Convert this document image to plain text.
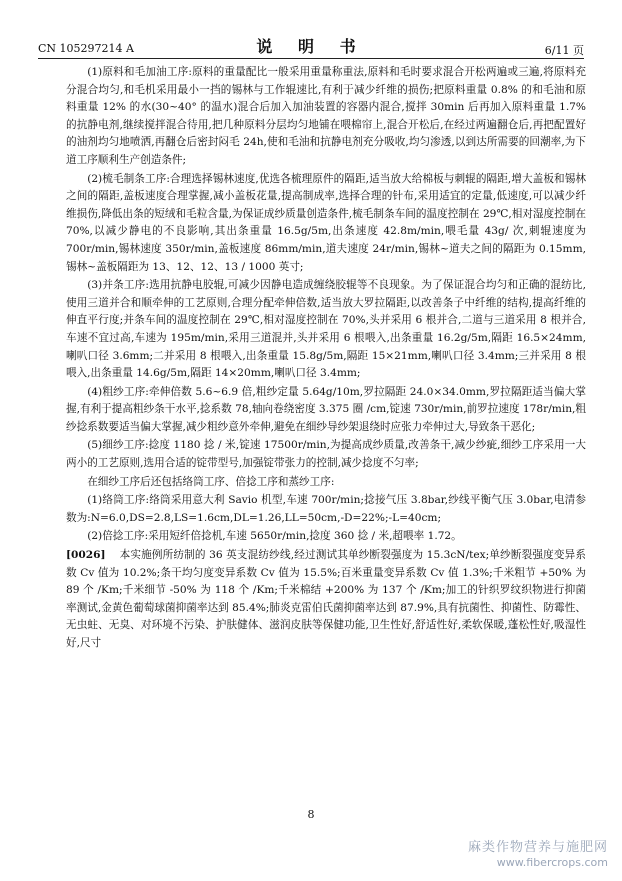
CN 105297214 A	说 明 书	6/11 页

(1)原料和毛加油工序:原料的重量配比一般采用重量称重法,原料和毛时要求混合开松两遍或三遍,将原料充分混合均匀,和毛机采用最小一挡的锡林与工作辊速比,有利于减少纤维的损伤;把原料重量 0.8% 的和毛油和原料重量 12% 的水(30~40° 的温水)混合后加入加油装置的容器内混合,搅拌 30min 后再加入原料重量 1.7% 的抗静电剂,继续搅拌混合待用,把几种原料分层均匀地铺在喂棉帘上,混合开松后,在经过两遍翻仓后,再把配置好的油剂均匀地喷洒,再翻仓后密封闷毛 24h,使和毛油和抗静电剂充分吸收,均匀渗透,以到达所需要的回潮率,为下道工序顺利生产创造条件;

(2)梳毛制条工序:合理选择锡林速度,优选各梳理原件的隔距,适当放大给棉板与刺辊的隔距,增大盖板和锡林之间的隔距,盖板速度合理掌握,减小盖板花量,提高制成率,选择合理的针布,采用适宜的定量,低速度,可以减少纤维损伤,降低出条的短绒和毛粒含量,为保证成纱质量创造条件,梳毛制条车间的温度控制在 29℃,相对湿度控制在 70%,以减少静电的不良影响,其出条重量 16.5g/5m,出条速度 42.8m/min,喂毛量 43g/ 次,刺辊速度为 700r/min,锡林速度 350r/min,盖板速度 86mm/min,道夫速度 24r/min,锡林~道夫之间的隔距为 0.15mm,锡林~盖板隔距为 13、12、12、13 / 1000 英寸;

(3)并条工序:选用抗静电胶辊,可减少因静电造成缠绕胶辊等不良现象。为了保证混合均匀和正确的混纺比,使用三道并合和顺牵伸的工艺原则,合理分配牵伸倍数,适当放大罗拉隔距,以改善条子中纤维的结构,提高纤维的伸直平行度;并条车间的温度控制在 29℃,相对湿度控制在 70%,头并采用 6 根并合,二道与三道采用 8 根并合,车速不宜过高,车速为 195m/min,采用三道混并,头并采用 6 根喂入,出条重量 16.2g/5m,隔距 16.5×24mm,喇叭口径 3.6mm;二并采用 8 根喂入,出条重量 15.8g/5m,隔距 15×21mm,喇叭口径 3.4mm;三并采用 8 根喂入,出条重量 14.6g/5m,隔距 14×20mm,喇叭口径 3.4mm;

(4)粗纱工序:牵伸倍数 5.6~6.9 倍,粗纱定量 5.64g/10m,罗拉隔距 24.0×34.0mm,罗拉隔距适当偏大掌握,有利于提高粗纱条干水平,捻系数 78,轴向卷绕密度 3.375 圈 /cm,锭速 730r/min,前罗拉速度 178r/min,粗纱捻系数要适当偏大掌握,减少粗纱意外牵伸,避免在细纱导纱架退绕时应张力牵伸过大,导致条干恶化;

(5)细纱工序:捻度 1180 捻 / 米,锭速 17500r/min,为提高成纱质量,改善条干,减少纱疵,细纱工序采用一大两小的工艺原则,选用合适的锭带型号,加强锭带张力的控制,减少捻度不匀率;

在细纱工序后还包括络筒工序、倍捻工序和蒸纱工序:

(1)络筒工序:络筒采用意大利 Savio 机型,车速 700r/min;捻接气压 3.8bar,纱线平衡气压 3.0bar,电清参数为:N=6.0,DS=2.8,LS=1.6cm,DL=1.26,LL=50cm,-D=22%;-L=40cm;

(2)倍捻工序:采用短纤倍捻机,车速 5650r/min,捻度 360 捻 / 米,超喂率 1.72。

[0026] 本实施例所纺制的 36 英支混纺纱线,经过测试其单纱断裂强度为 15.3cN/tex;单纱断裂强度变异系数 Cv 值为 10.2%;条干均匀度变异系数 Cv 值为 15.5%;百米重量变异系数 Cv 值 1.3%;千米粗节 +50% 为 89 个 /Km;千米细节 -50% 为 118 个 /Km;千米棉结 +200% 为 137 个 /Km;加工的针织罗纹织物进行抑菌率测试,金黄色葡萄球菌抑菌率达到 85.4%;肺炎克雷伯氏菌抑菌率达到 87.9%,具有抗菌性、抑菌性、防霉性、无虫蛀、无臭、对环境不污染、护肤健体、滋润皮肤等保健功能,卫生性好,舒适性好,柔软保暖,蓬松性好,吸湿性好,尺寸

8
麻类作物营养与施肥网
www.fibercrops.com
